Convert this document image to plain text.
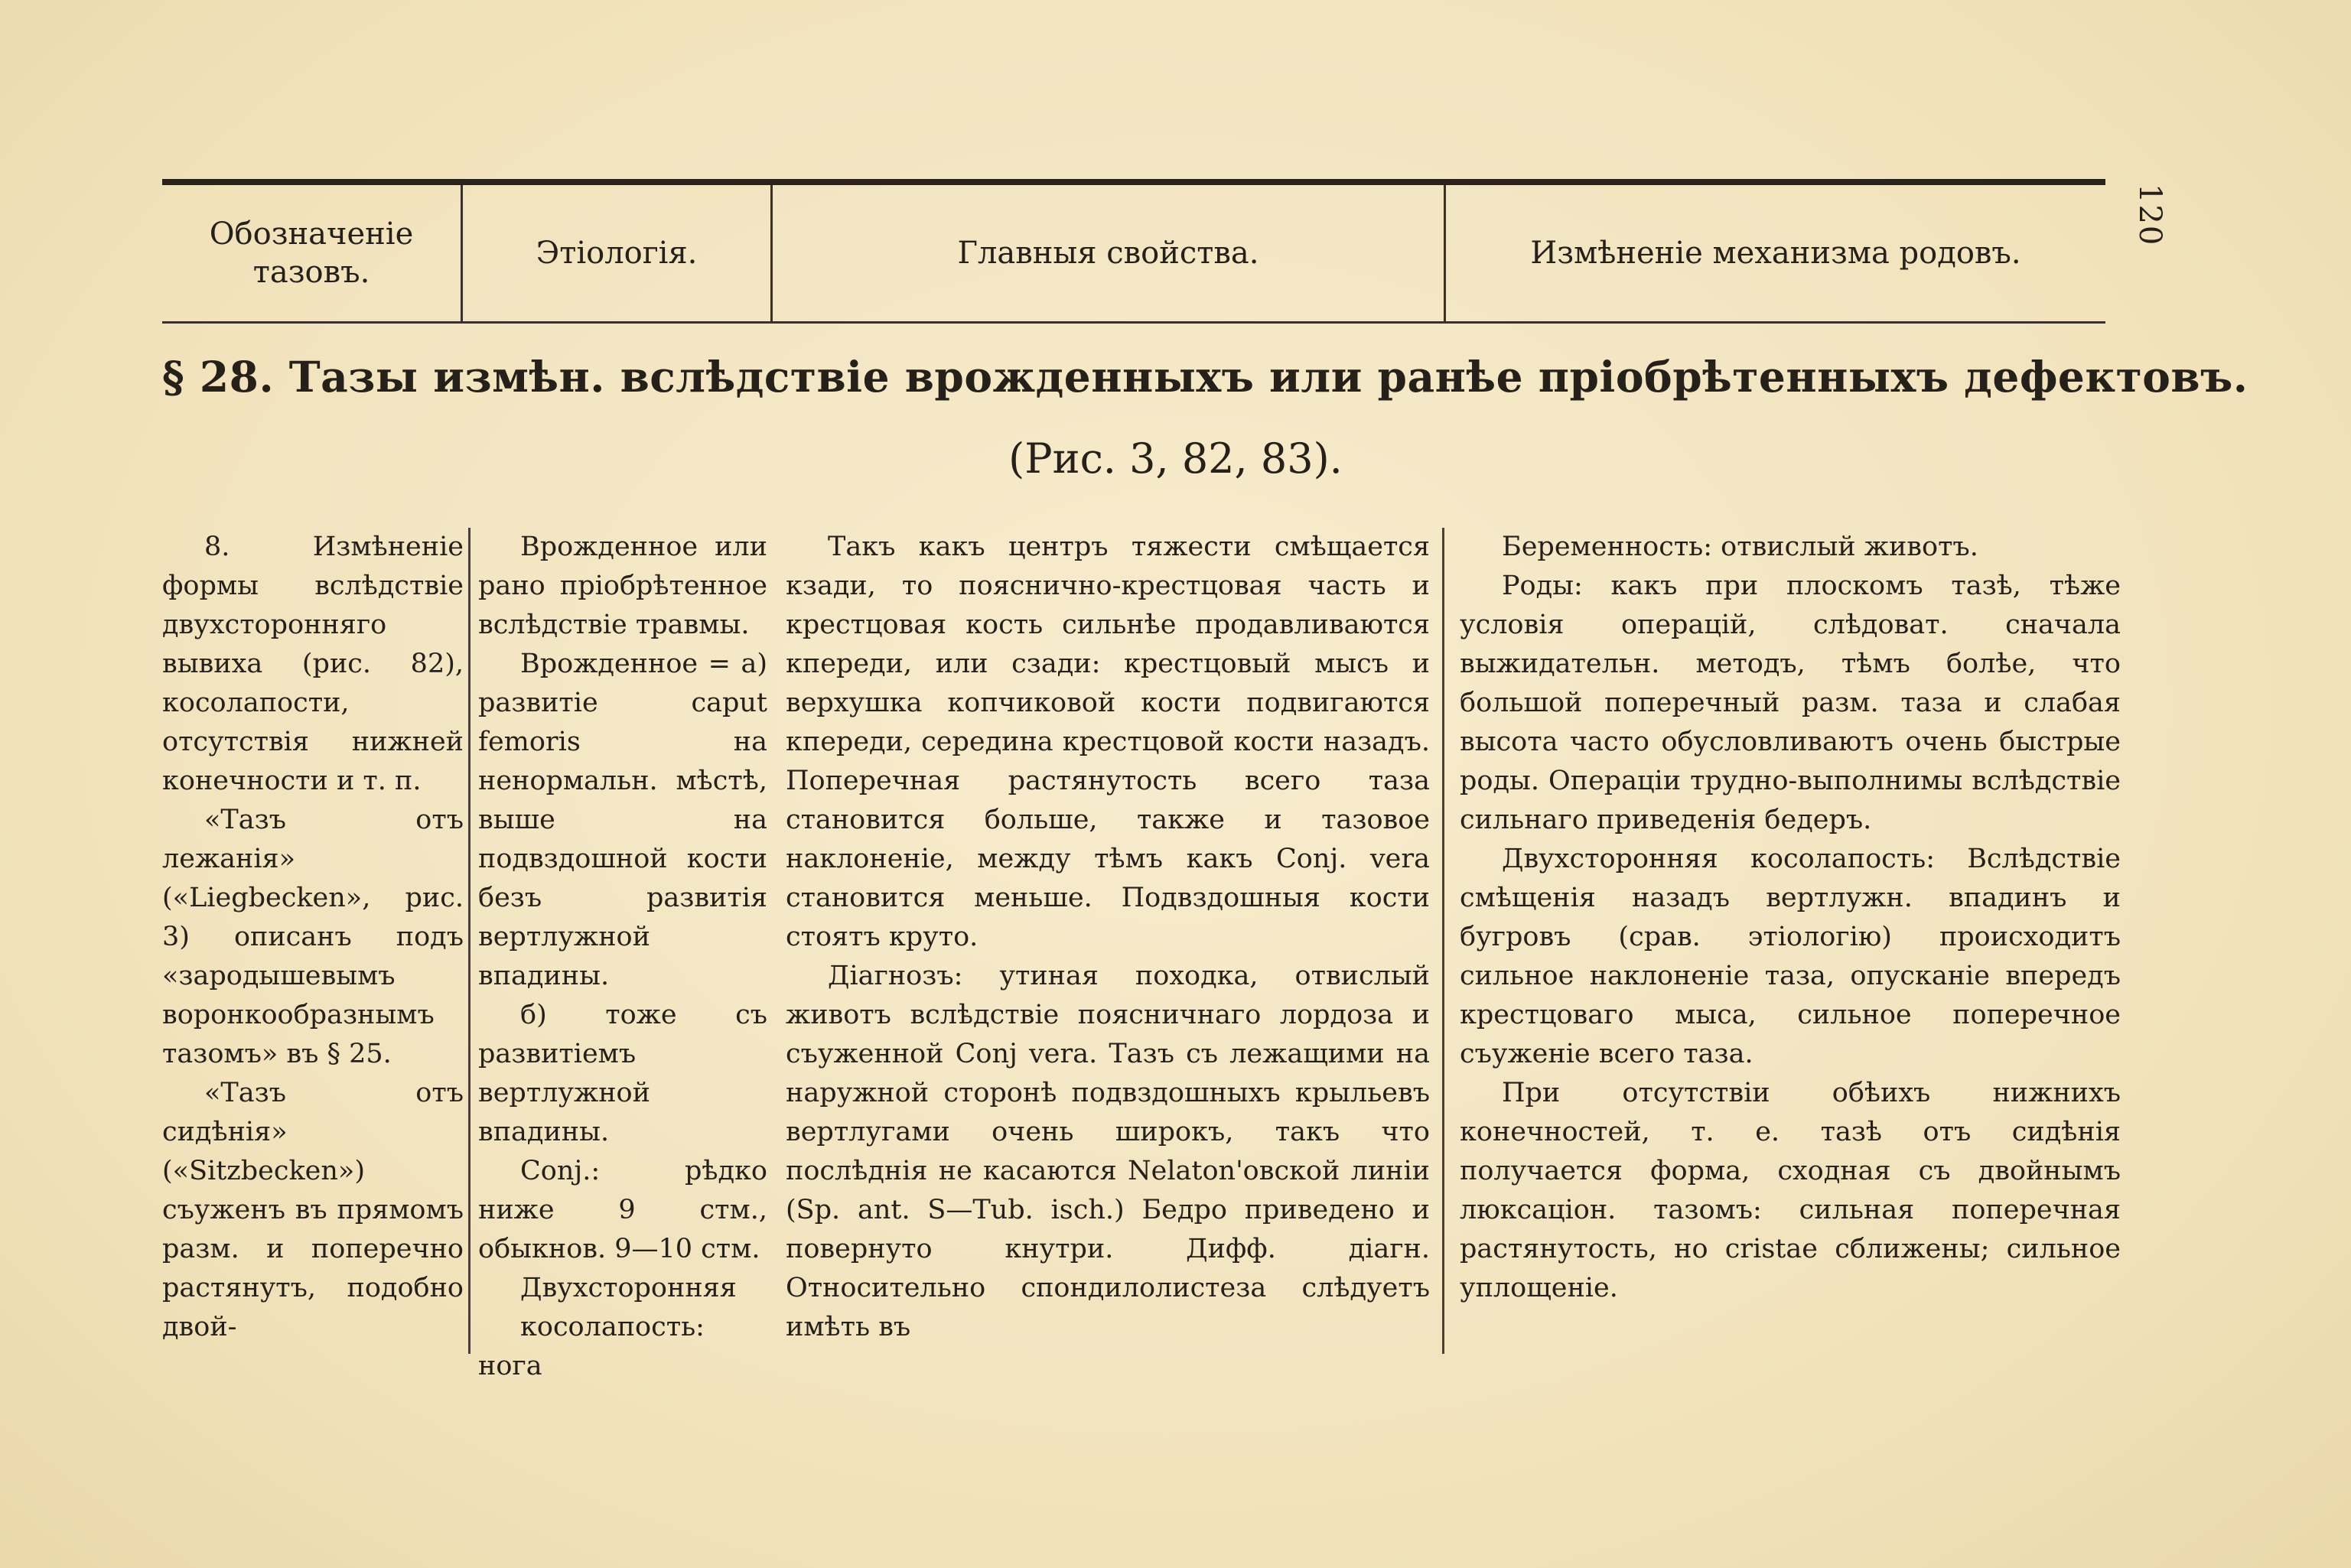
120
Обозначеніе тазовъ.
Этіологія.	Главныя свойства.	Измѣненіе механизма родовъ.
§ 28. Тазы измѣн. вслѣдствіе врожденныхъ или ранѣе пріобрѣтенныхъ дефектовъ.
(Рис. 3, 82, 83).

8. Измѣненіе формы вслѣдствіе двухсторонняго вывиха (рис. 82), косолапости, отсутствія нижней конечности и т. п.

«Тазъ отъ лежанія» («Liegbecken», рис. 3) описанъ подъ «зародышевымъ воронкообразнымъ тазомъ» въ § 25.

«Тазъ отъ сидѣнія» («Sitzbecken») съуженъ въ прямомъ разм. и поперечно растянутъ, подобно двой-

Врожденное или рано пріобрѣтенное вслѣдствіе травмы.

Врожденное = а) развитіе caput femoris на ненормальн. мѣстѣ, выше на подвздошной кости безъ развитія вертлужной впадины.

б) тоже съ развитіемъ вертлужной впадины.

Conj.: рѣдко ниже 9 стм., обыкнов. 9—10 стм.

Двухсторонняя

косолапость: нога

Такъ какъ центръ тяжести смѣщается кзади, то поясничнo-крестцовая часть и крестцовая кость сильнѣе продавливаются кпереди, или сзади: крестцовый мысъ и верхушка копчиковой кости подвигаются кпереди, середина крестцовой кости назадъ. Поперечная растянутость всего таза становится больше, также и тазовое наклоненіе, между тѣмъ какъ Conj. vera становится меньше. Подвздошныя кости стоятъ круто.

Діагнозъ: утиная походка, отвислый животъ вслѣдствіе поясничнаго лордоза и съуженной Conj vera. Тазъ съ лежащими на наружной сторонѣ подвздошныхъ крыльевъ вертлугами очень широкъ, такъ что послѣднія не касаются Nelaton'овской линіи (Sp. ant. S—Tub. isch.) Бедро приведено и повернуто кнутри. Дифф. діагн. Относительно спондилолистеза слѣдуетъ имѣть въ

Беременность: отвислый животъ.

Роды: какъ при плоскомъ тазѣ, тѣже условія операцій, слѣдоват. сначала выжидательн. методъ, тѣмъ болѣе, что большой поперечный разм. таза и слабая высота часто обусловливаютъ очень быстрые роды. Операціи трудно-выполнимы вслѣдствіе сильнаго приведенія бедеръ.

Двухсторонняя косолапость: Вслѣдствіе смѣщенія назадъ вертлужн. впадинъ и бугровъ (срав. этіологію) происходитъ сильное наклоненіе таза, опусканіе впередъ крестцоваго мыса, сильное поперечное съуженіе всего таза.

При отсутствіи обѣихъ нижнихъ конечностей, т. е. тазѣ отъ сидѣнія получается форма, сходная съ двойнымъ люксаціон. тазомъ: сильная поперечная растянутость, но cristae сближены; сильное уплощеніе.
